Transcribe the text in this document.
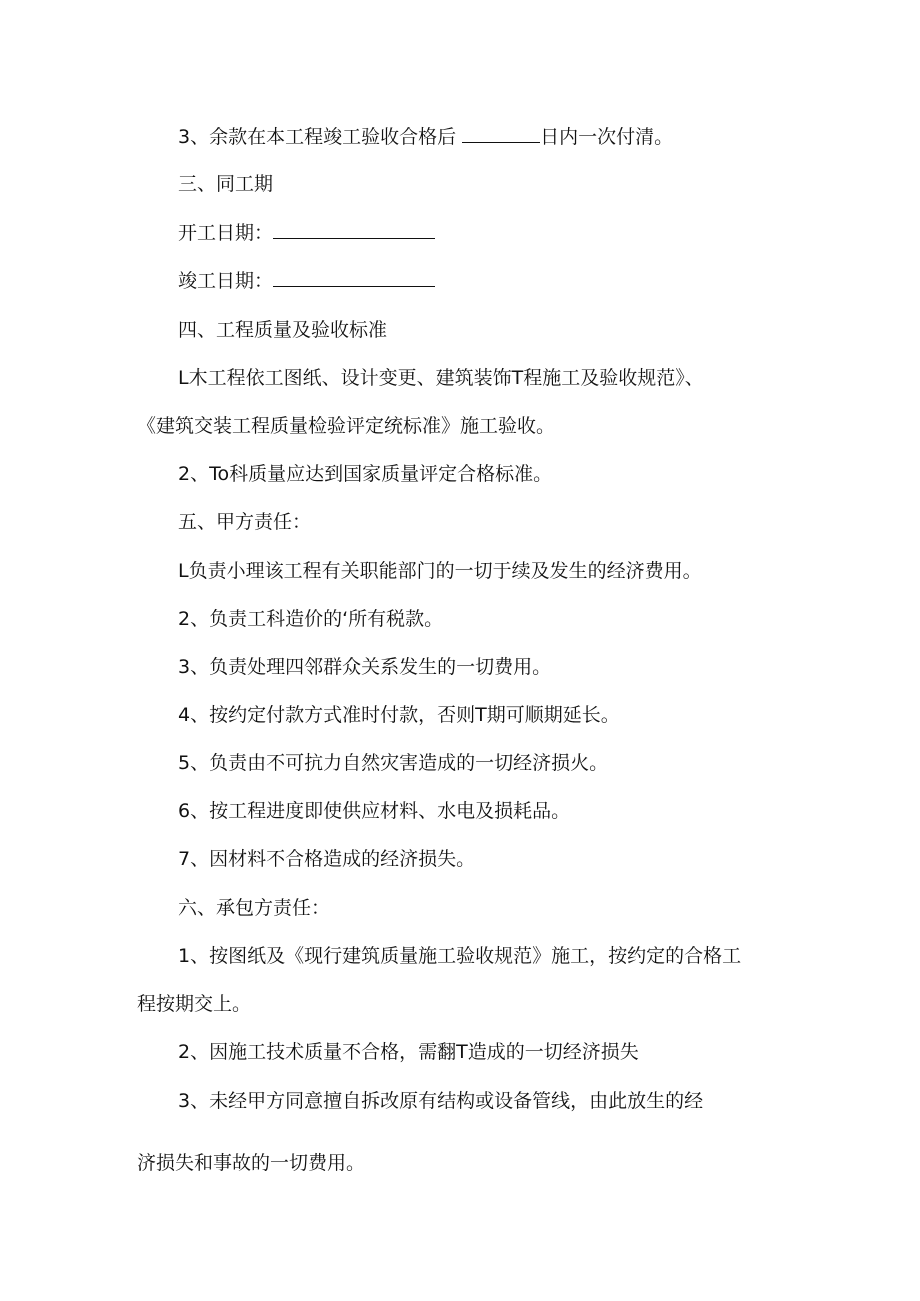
3、余款在本工程竣工验收合格后	日内一次付清。

三、同工期

开工日期：

竣工日期：

四、工程质量及验收标准

L木工程依工图纸、设计变更、建筑装饰T程施工及验收规范》、

《建筑交装工程质量检验评定统标准》施工验收。

2、To科质量应达到国家质量评定合格标准。

五、甲方责任：

L负责小理该工程有关职能部门的一切于续及发生的经济费用。

2、负责工科造价的‘所有税款。

3、负责处理四邻群众关系发生的一切费用。

4、按约定付款方式准时付款，否则T期可顺期延长。

5、负责由不可抗力自然灾害造成的一切经济损火。

6、按工程进度即使供应材料、水电及损耗品。

7、因材料不合格造成的经济损失。

六、承包方责任：

1、按图纸及《现行建筑质量施工验收规范》施工，按约定的合格工

程按期交上。

2、因施工技术质量不合格，需翻T造成的一切经济损失

3、未经甲方同意擅自拆改原有结构或设备管线，由此放生的经

济损失和事故的一切费用。
